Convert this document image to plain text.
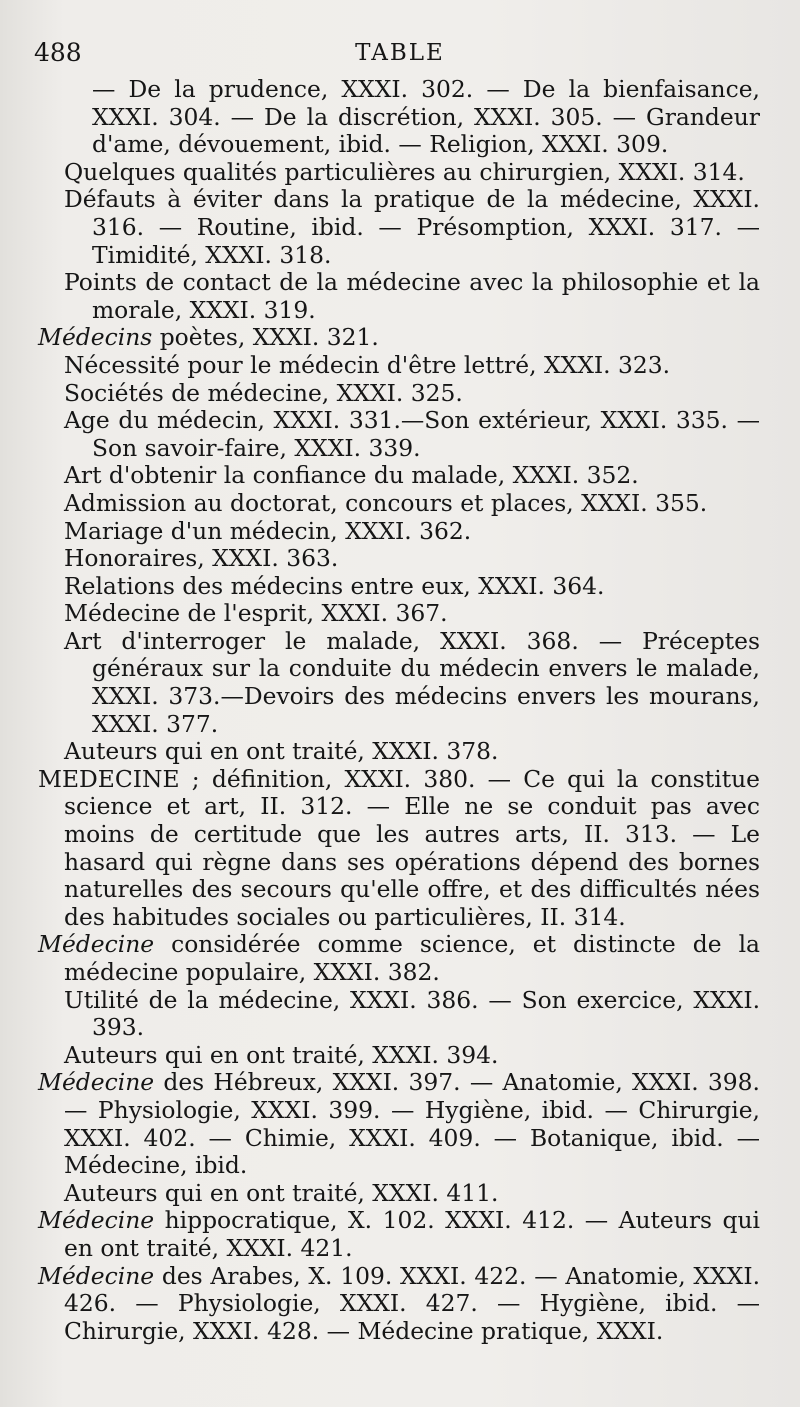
488	TABLE
— De la prudence, XXXI. 302. — De la bienfaisance, XXXI. 304. — De la discrétion, XXXI. 305. — Grandeur d'ame, dévouement, ibid. — Religion, XXXI. 309.
Quelques qualités particulières au chirurgien, XXXI. 314.
Défauts à éviter dans la pratique de la médecine, XXXI. 316. — Routine, ibid. — Présomption, XXXI. 317. — Timidité, XXXI. 318.
Points de contact de la médecine avec la philosophie et la morale, XXXI. 319.
Médecins poètes, XXXI. 321.
Nécessité pour le médecin d'être lettré, XXXI. 323.
Sociétés de médecine, XXXI. 325.
Age du médecin, XXXI. 331.—Son extérieur, XXXI. 335. — Son savoir-faire, XXXI. 339.
Art d'obtenir la confiance du malade, XXXI. 352.
Admission au doctorat, concours et places, XXXI. 355.
Mariage d'un médecin, XXXI. 362.
Honoraires, XXXI. 363.
Relations des médecins entre eux, XXXI. 364.
Médecine de l'esprit, XXXI. 367.
Art d'interroger le malade, XXXI. 368. — Préceptes généraux sur la conduite du médecin envers le malade, XXXI. 373.—Devoirs des médecins envers les mourans, XXXI. 377.
Auteurs qui en ont traité, XXXI. 378.
MEDECINE ; définition, XXXI. 380. — Ce qui la constitue science et art, II. 312. — Elle ne se conduit pas avec moins de certitude que les autres arts, II. 313. — Le hasard qui règne dans ses opérations dépend des bornes naturelles des secours qu'elle offre, et des difficultés nées des habitudes sociales ou particulières, II. 314.
Médecine considérée comme science, et distincte de la médecine populaire, XXXI. 382.
Utilité de la médecine, XXXI. 386. — Son exercice, XXXI. 393.
Auteurs qui en ont traité, XXXI. 394.
Médecine des Hébreux, XXXI. 397. — Anatomie, XXXI. 398. — Physiologie, XXXI. 399. — Hygiène, ibid. — Chirurgie, XXXI. 402. — Chimie, XXXI. 409. — Botanique, ibid. — Médecine, ibid.
Auteurs qui en ont traité, XXXI. 411.
Médecine hippocratique, X. 102. XXXI. 412. — Auteurs qui en ont traité, XXXI. 421.
Médecine des Arabes, X. 109. XXXI. 422. — Anatomie, XXXI. 426. — Physiologie, XXXI. 427. — Hygiène, ibid. — Chirurgie, XXXI. 428. — Médecine pratique, XXXI.
